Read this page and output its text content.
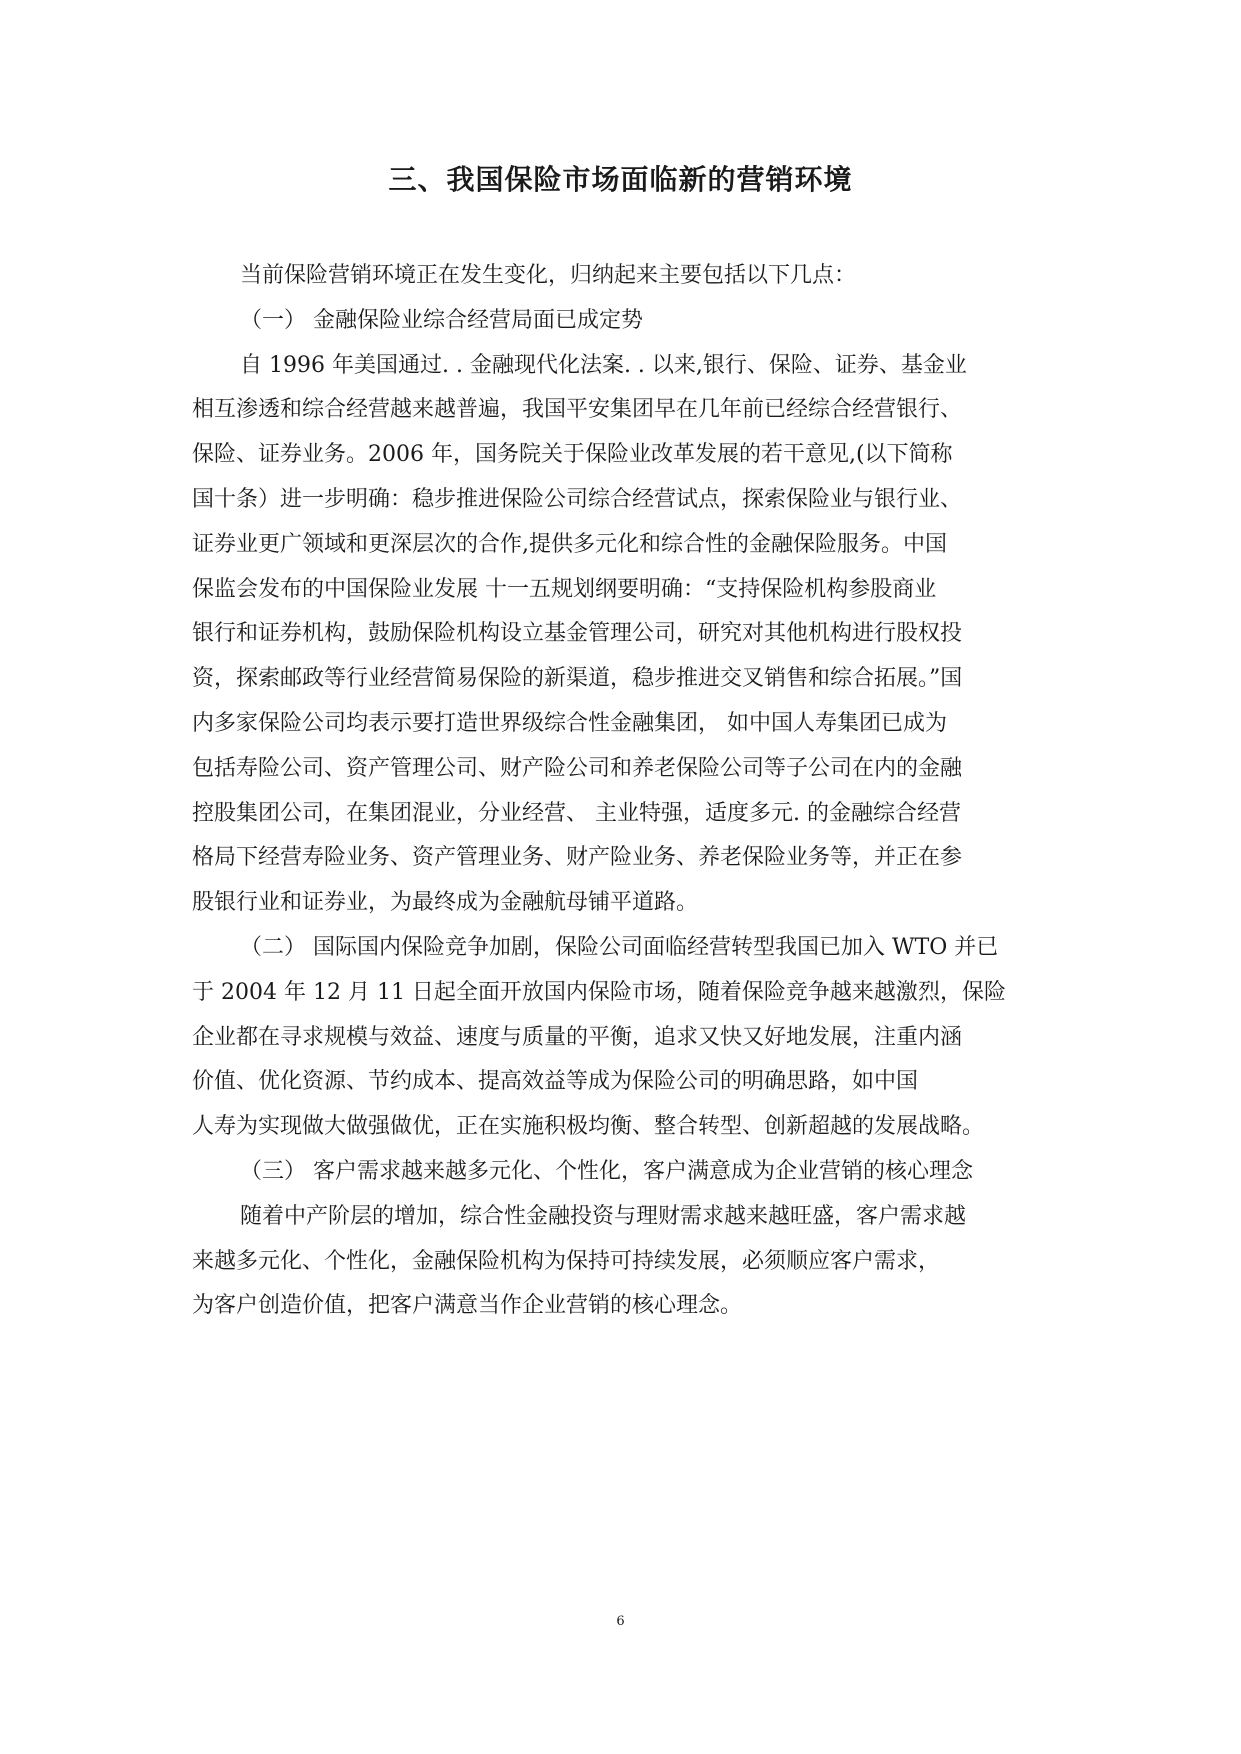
三、我国保险市场面临新的营销环境
当前保险营销环境正在发生变化，归纳起来主要包括以下几点：
（一） 金融保险业综合经营局面已成定势
自 1996 年美国通过. . 金融现代化法案. . 以来,银行、保险、证券、基金业
相互渗透和综合经营越来越普遍，我国平安集团早在几年前已经综合经营银行、
保险、证券业务。2006 年，国务院关于保险业改革发展的若干意见,(以下简称
国十条）进一步明确：稳步推进保险公司综合经营试点，探索保险业与银行业、
证券业更广领域和更深层次的合作,提供多元化和综合性的金融保险服务。中国
保监会发布的中国保险业发展 十一五规划纲要明确：“支持保险机构参股商业
银行和证券机构，鼓励保险机构设立基金管理公司，研究对其他机构进行股权投
资，探索邮政等行业经营简易保险的新渠道，稳步推进交叉销售和综合拓展。”国
内多家保险公司均表示要打造世界级综合性金融集团， 如中国人寿集团已成为
包括寿险公司、资产管理公司、财产险公司和养老保险公司等子公司在内的金融
控股集团公司，在集团混业，分业经营、 主业特强，适度多元. 的金融综合经营
格局下经营寿险业务、资产管理业务、财产险业务、养老保险业务等，并正在参
股银行业和证券业，为最终成为金融航母铺平道路。
（二） 国际国内保险竞争加剧，保险公司面临经营转型我国已加入 WTO 并已
于 2004 年 12 月 11 日起全面开放国内保险市场，随着保险竞争越来越激烈，保险
企业都在寻求规模与效益、速度与质量的平衡，追求又快又好地发展，注重内涵
价值、优化资源、节约成本、提高效益等成为保险公司的明确思路，如中国
人寿为实现做大做强做优，正在实施积极均衡、整合转型、创新超越的发展战略。
（三） 客户需求越来越多元化、个性化，客户满意成为企业营销的核心理念
随着中产阶层的增加，综合性金融投资与理财需求越来越旺盛，客户需求越
来越多元化、个性化，金融保险机构为保持可持续发展，必须顺应客户需求，
为客户创造价值，把客户满意当作企业营销的核心理念。
6
